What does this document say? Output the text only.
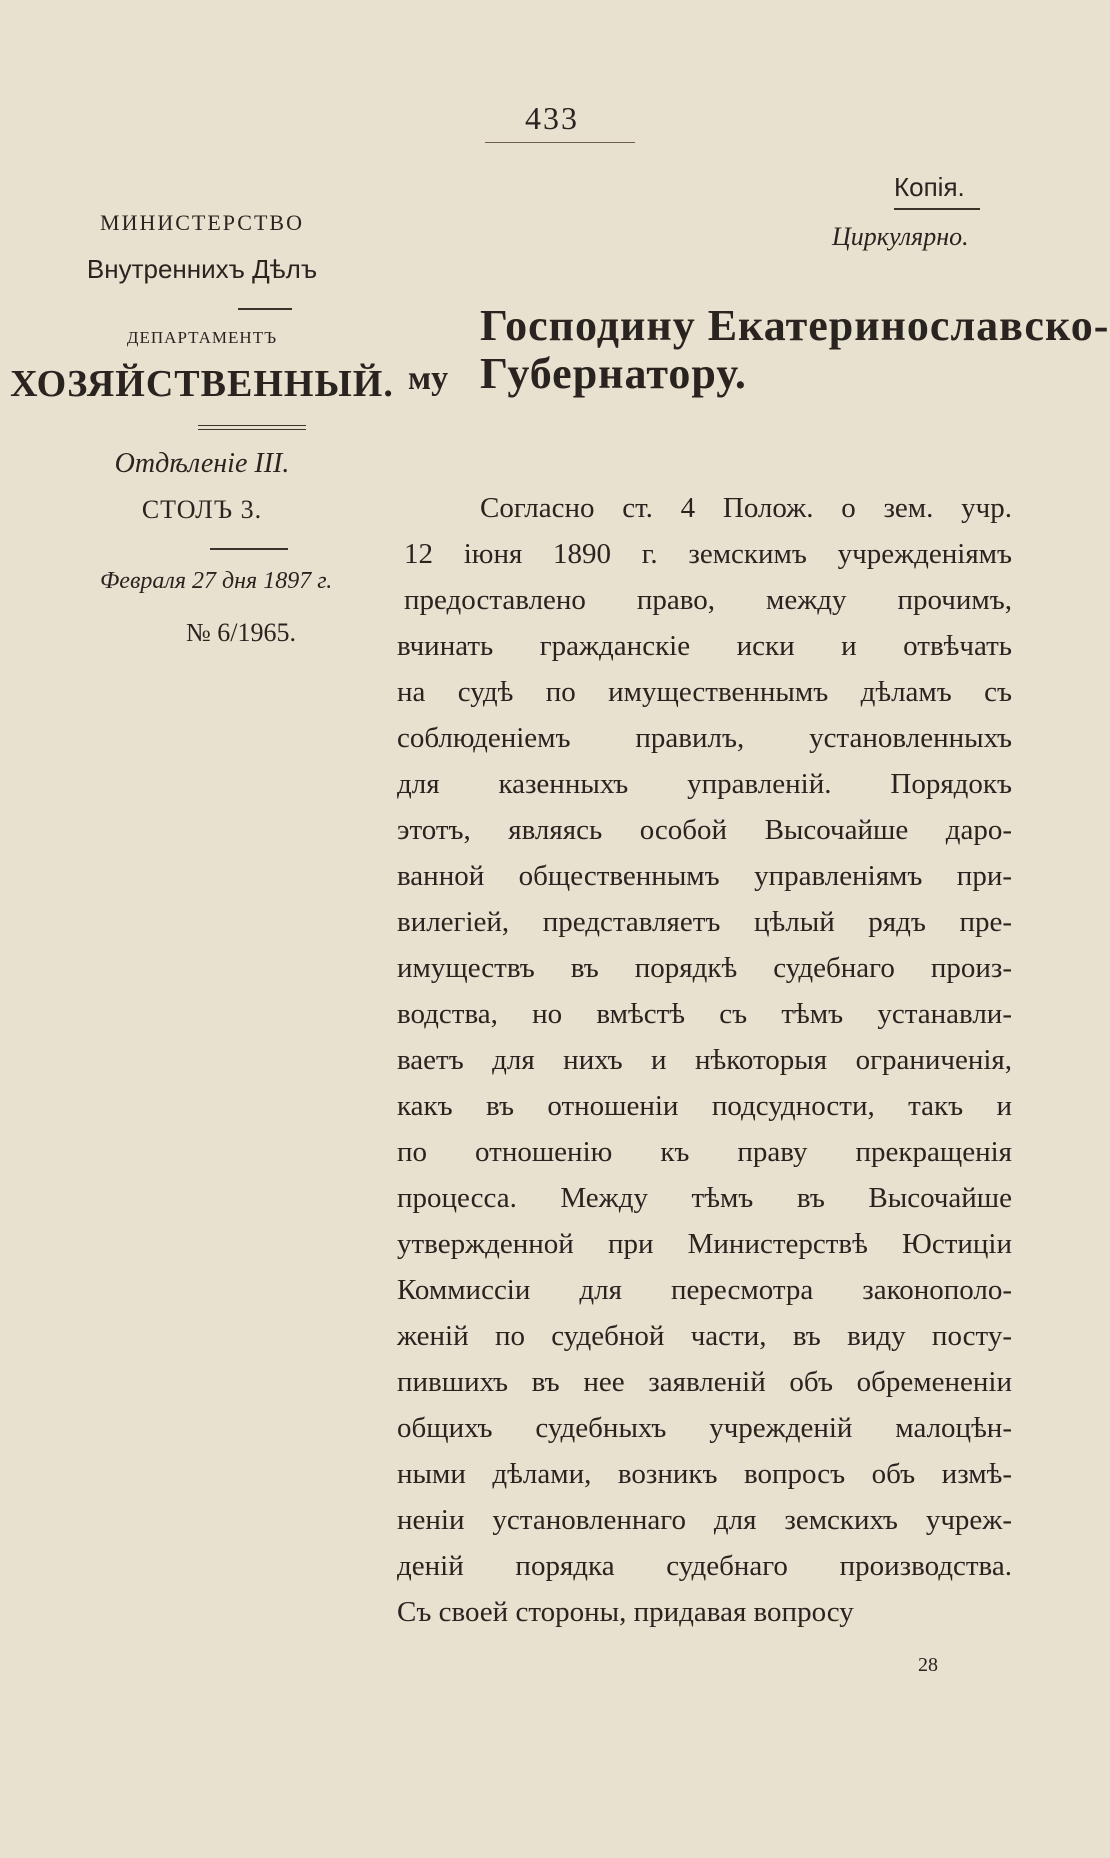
433
Копія.
Циркулярно.
МИНИСТЕРСТВО
Внутреннихъ Дѣлъ
ДЕПАРТАМЕНТЪ
ХОЗЯЙСТВЕННЫЙ.
Отдѣленіе III.
СТОЛЪ 3.
Февраля 27 дня 1897 г.
№ 6/1965.
Господину Екатеринославско-
му Губернатору.
Согласно ст. 4 Полож. о зем. учр.
12 іюня 1890 г. земскимъ учрежденіямъ
предоставлено право, между прочимъ,
вчинать гражданскіе иски и отвѣчать
на судѣ по имущественнымъ дѣламъ съ
соблюденіемъ правилъ, установленныхъ
для казенныхъ управленій. Порядокъ
этотъ, являясь особой Высочайше даро-
ванной общественнымъ управленіямъ при-
вилегіей, представляетъ цѣлый рядъ пре-
имуществъ въ порядкѣ судебнаго произ-
водства, но вмѣстѣ съ тѣмъ устанавли-
ваетъ для нихъ и нѣкоторыя ограниченія,
какъ въ отношеніи подсудности, такъ и
по отношенію къ праву прекращенія
процесса. Между тѣмъ въ Высочайше
утвержденной при Министерствѣ Юстиціи
Коммиссіи для пересмотра законополо-
женій по судебной части, въ виду посту-
пившихъ въ нее заявленій объ обремененіи
общихъ судебныхъ учрежденій малоцѣн-
ными дѣлами, возникъ вопросъ объ измѣ-
неніи установленнаго для земскихъ учреж-
деній порядка судебнаго производства.
Съ своей стороны, придавая вопросу
28
